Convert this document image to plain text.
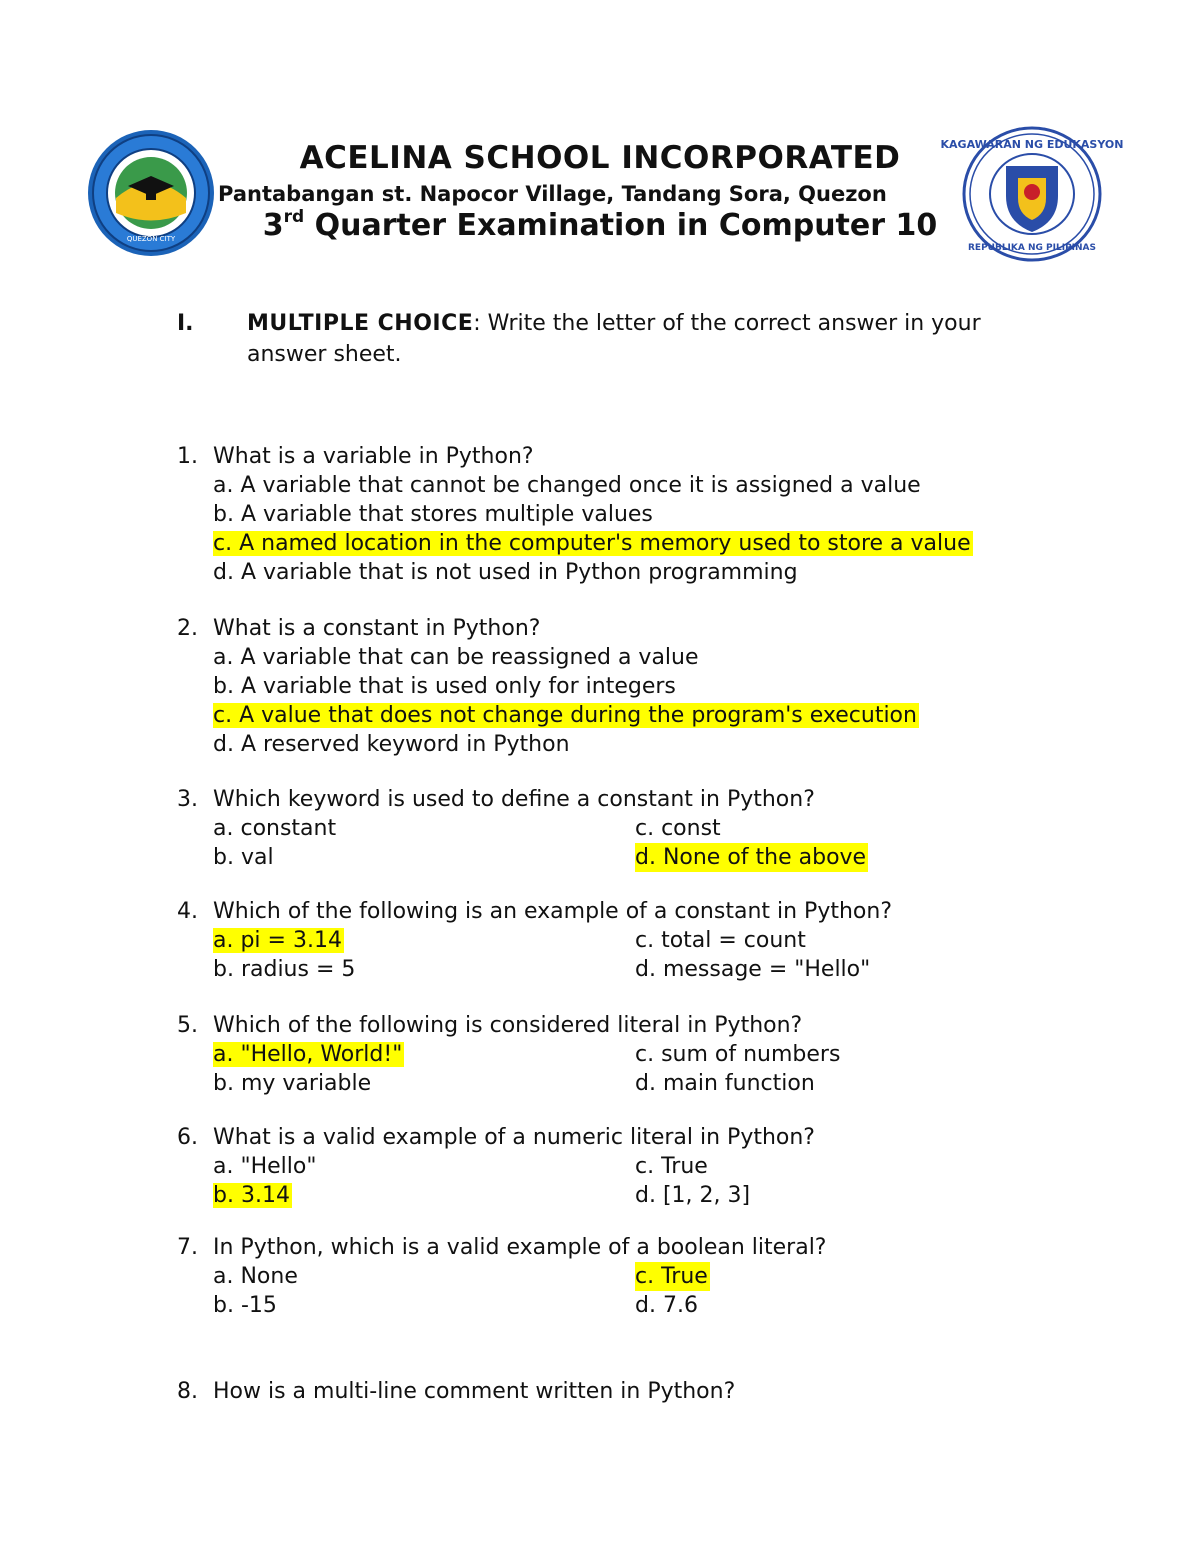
QUEZON CITY
KAGAWARAN NG EDUKASYON
REPUBLIKA NG PILIPINAS
ACELINA SCHOOL INCORPORATED
Pantabangan st. Napocor Village, Tandang Sora, Quezon
3rd Quarter Examination in Computer 10
I. MULTIPLE CHOICE: Write the letter of the correct answer in your answer sheet.
1. What is a variable in Python?
a. A variable that cannot be changed once it is assigned a value
b. A variable that stores multiple values
c. A named location in the computer's memory used to store a value
d. A variable that is not used in Python programming
2. What is a constant in Python?
a. A variable that can be reassigned a value
b. A variable that is used only for integers
c. A value that does not change during the program's execution
d. A reserved keyword in Python
3. Which keyword is used to define a constant in Python?
a. constant	c. const
b. val	d. None of the above
4. Which of the following is an example of a constant in Python?
a. pi = 3.14	c. total = count
b. radius = 5	d. message = "Hello"
5. Which of the following is considered literal in Python?
a. "Hello, World!"	c. sum of numbers
b. my variable	d. main function
6. What is a valid example of a numeric literal in Python?
a. "Hello"	c. True
b. 3.14	d. [1, 2, 3]
7. In Python, which is a valid example of a boolean literal?
a. None	c. True
b. -15	d. 7.6
8. How is a multi-line comment written in Python?
